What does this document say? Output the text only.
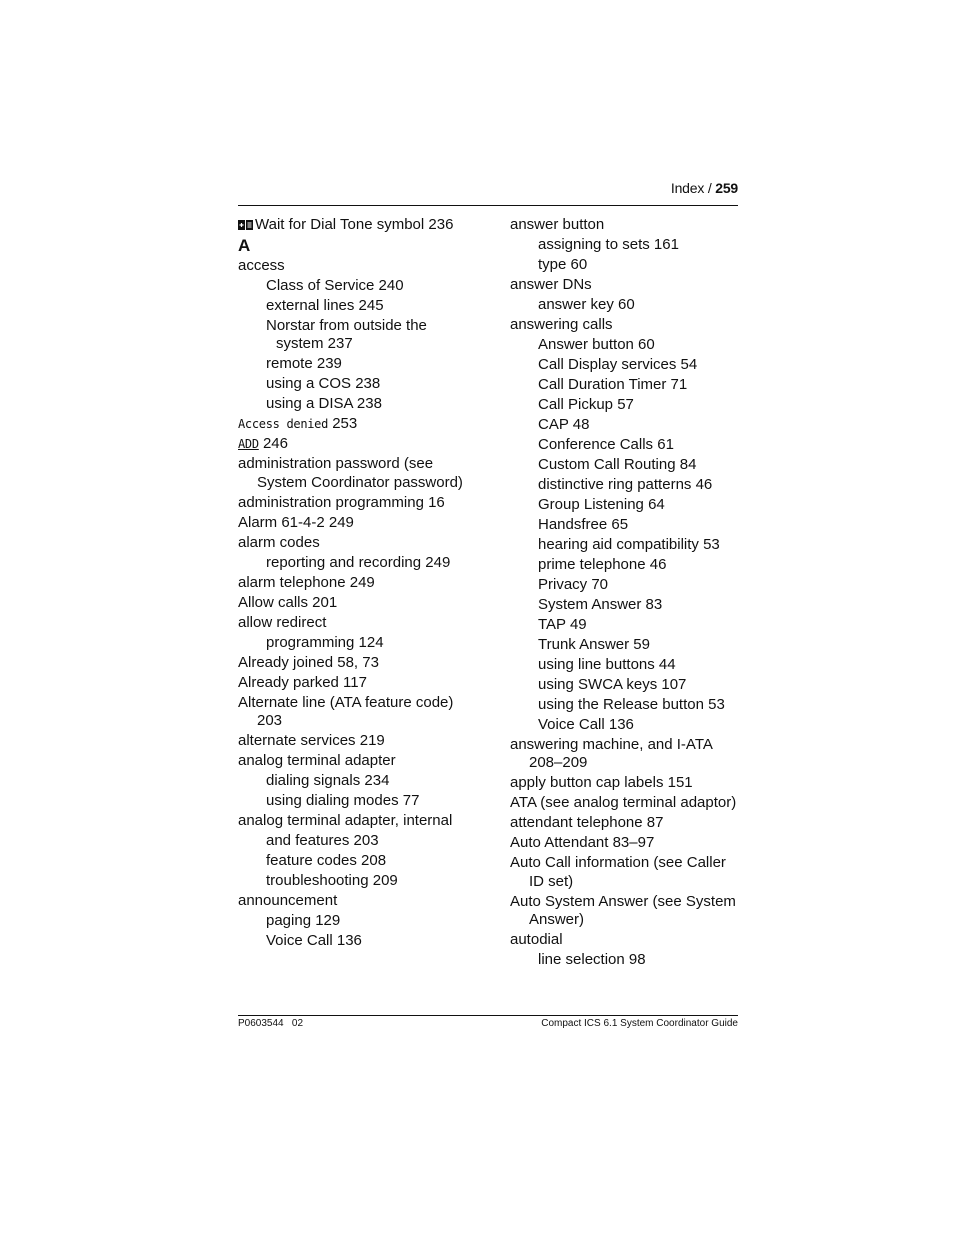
Index / 259
Wait for Dial Tone symbol 236
A
access
Class of Service 240
external lines 245
Norstar from outside the system 237
remote 239
using a COS 238
using a DISA 238
Access denied 253
ADD 246
administration password (see System Coordinator password)
administration programming 16
Alarm 61-4-2 249
alarm codes
reporting and recording 249
alarm telephone 249
Allow calls 201
allow redirect
programming 124
Already joined 58, 73
Already parked 117
Alternate line (ATA feature code) 203
alternate services 219
analog terminal adapter
dialing signals 234
using dialing modes 77
analog terminal adapter, internal
and features 203
feature codes 208
troubleshooting 209
announcement
paging 129
Voice Call 136
answer button
assigning to sets 161
type 60
answer DNs
answer key 60
answering calls
Answer button 60
Call Display services 54
Call Duration Timer 71
Call Pickup 57
CAP 48
Conference Calls 61
Custom Call Routing 84
distinctive ring patterns 46
Group Listening 64
Handsfree 65
hearing aid compatibility 53
prime telephone 46
Privacy 70
System Answer 83
TAP 49
Trunk Answer 59
using line buttons 44
using SWCA keys 107
using the Release button 53
Voice Call 136
answering machine, and I-ATA 208–209
apply button cap labels 151
ATA (see analog terminal adaptor)
attendant telephone 87
Auto Attendant 83–97
Auto Call information (see Caller ID set)
Auto System Answer (see System Answer)
autodial
line selection 98
P0603544   02	Compact ICS 6.1 System Coordinator Guide
